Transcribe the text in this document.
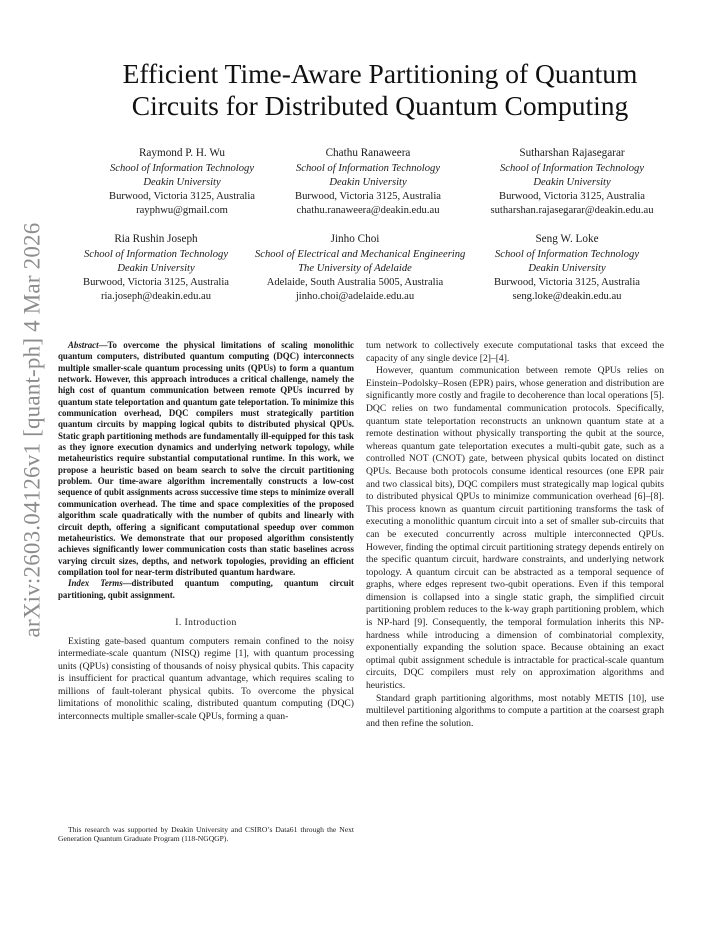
arXiv:2603.04126v1 [quant-ph] 4 Mar 2026
Efficient Time-Aware Partitioning of Quantum
Circuits for Distributed Quantum Computing
Raymond P. H. Wu
School of Information Technology
Deakin University
Burwood, Victoria 3125, Australia
rayphwu@gmail.com
Chathu Ranaweera
School of Information Technology
Deakin University
Burwood, Victoria 3125, Australia
chathu.ranaweera@deakin.edu.au
Sutharshan Rajasegarar
School of Information Technology
Deakin University
Burwood, Victoria 3125, Australia
sutharshan.rajasegarar@deakin.edu.au
Ria Rushin Joseph
School of Information Technology
Deakin University
Burwood, Victoria 3125, Australia
ria.joseph@deakin.edu.au
Jinho Choi
School of Electrical and Mechanical Engineering
The University of Adelaide
Adelaide, South Australia 5005, Australia
jinho.choi@adelaide.edu.au
Seng W. Loke
School of Information Technology
Deakin University
Burwood, Victoria 3125, Australia
seng.loke@deakin.edu.au

Abstract—To overcome the physical limitations of scaling monolithic quantum computers, distributed quantum computing (DQC) interconnects multiple smaller-scale quantum processing units (QPUs) to form a quantum network. However, this approach introduces a critical challenge, namely the high cost of quantum communication between remote QPUs incurred by quantum state teleportation and quantum gate teleportation. To minimize this communication overhead, DQC compilers must strategically partition quantum circuits by mapping logical qubits to distributed physical QPUs. Static graph partitioning methods are fundamentally ill-equipped for this task as they ignore execution dynamics and underlying network topology, while metaheuristics require substantial computational runtime. In this work, we propose a heuristic based on beam search to solve the circuit partitioning problem. Our time-aware algorithm incrementally constructs a low-cost sequence of qubit assignments across successive time steps to minimize overall communication overhead. The time and space complexities of the proposed algorithm scale quadratically with the number of qubits and linearly with circuit depth, offering a significant computational speedup over common metaheuristics. We demonstrate that our proposed algorithm consistently achieves significantly lower communication costs than static baselines across varying circuit sizes, depths, and network topologies, providing an efficient compilation tool for near-term distributed quantum hardware.

Index Terms—distributed quantum computing, quantum circuit partitioning, qubit assignment.

I. Introduction

Existing gate-based quantum computers remain confined to the noisy intermediate-scale quantum (NISQ) regime [1], with quantum processing units (QPUs) consisting of thousands of noisy physical qubits. This capacity is insufficient for practical quantum advantage, which requires scaling to millions of fault-tolerant physical qubits. To overcome the physical limitations of monolithic scaling, distributed quantum computing (DQC) interconnects multiple smaller-scale QPUs, forming a quan-

This research was supported by Deakin University and CSIRO’s Data61 through the Next Generation Quantum Graduate Program (118-NGQGP).

tum network to collectively execute computational tasks that exceed the capacity of any single device [2]–[4].

However, quantum communication between remote QPUs relies on Einstein–Podolsky–Rosen (EPR) pairs, whose generation and distribution are significantly more costly and fragile to decoherence than local operations [5]. DQC relies on two fundamental communication protocols. Specifically, quantum state teleportation reconstructs an unknown quantum state at a remote destination without physically transporting the qubit at the source, whereas quantum gate teleportation executes a multi-qubit gate, such as a controlled NOT (CNOT) gate, between physical qubits located on distinct QPUs. Because both protocols consume identical resources (one EPR pair and two classical bits), DQC compilers must strategically map logical qubits to distributed physical QPUs to minimize communication overhead [6]–[8]. This process known as quantum circuit partitioning transforms the task of executing a monolithic quantum circuit into a set of smaller sub-circuits that can be executed concurrently across multiple interconnected QPUs. However, finding the optimal circuit partitioning strategy depends entirely on the specific quantum circuit, hardware constraints, and underlying network topology. A quantum circuit can be abstracted as a temporal sequence of graphs, where edges represent two-qubit operations. Even if this temporal dimension is collapsed into a single static graph, the simplified circuit partitioning problem reduces to the k-way graph partitioning problem, which is NP-hard [9]. Consequently, the temporal formulation inherits this NP-hardness while introducing a dimension of combinatorial complexity, exponentially expanding the solution space. Because obtaining an exact optimal qubit assignment schedule is intractable for practical-scale quantum circuits, DQC compilers must rely on approximation algorithms and heuristics.

Standard graph partitioning algorithms, most notably METIS [10], use multilevel partitioning algorithms to compute a partition at the coarsest graph and then refine the solution.
